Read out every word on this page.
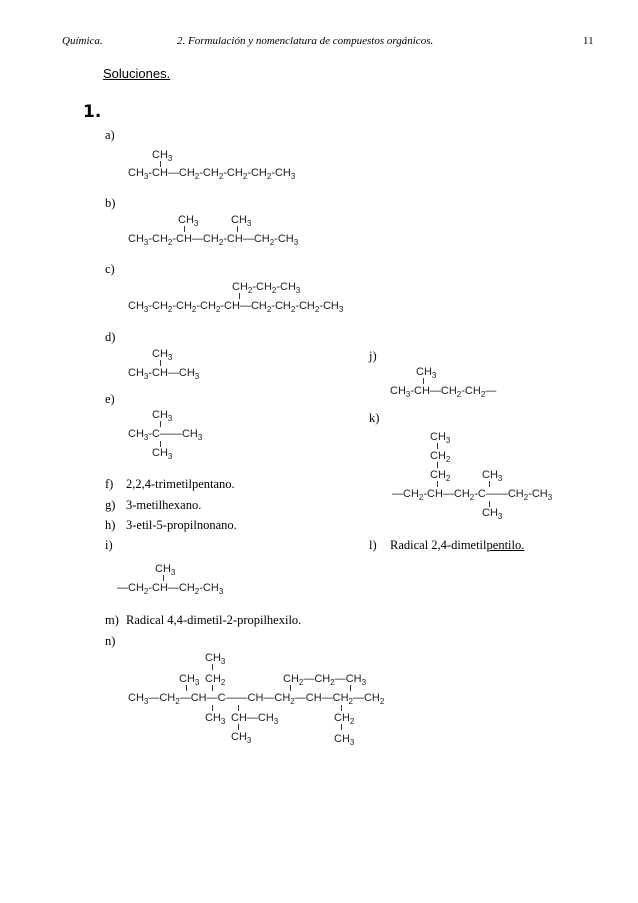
Química.	2. Formulación y nomenclatura de compuestos orgánicos.	11
Soluciones.
1.
a)
$CH_3$
$CH_3-CH—CH_2-CH_2-CH_2-CH_2-CH_3$
b)
$CH_3$	$CH_3$
$CH_3-CH_2-CH—CH_2-CH—CH_2-CH_3$
c)
$CH_2-CH_2-CH_3$
$CH_3-CH_2-CH_2-CH_2-CH—CH_2-CH_2-CH_2-CH_3$
d)
$CH_3$
$CH_3-CH—CH_3$
e)
$CH_3$
$CH_3-C——CH_3$
$CH_3$
f) 2,2,4-trimetilpentano.
g) 3-metilhexano.
h) 3-etil-5-propilnonano.
i)
$CH_3$
$—CH_2-CH—CH_2-CH_3$
m) Radical 4,4-dimetil-2-propilhexilo.
n)
$CH_3$
$CH_3$ $CH_2$	$CH_2—CH_2—CH_3$
$CH_3—CH_2—CH—C——CH—CH_2—CH—CH_2—CH_2$
$CH_3$ $CH—CH_3$	$CH_2$
$CH_3$	$CH_3$
j)
$CH_3$
$CH_3-CH—CH_2-CH_2—$
k)
$CH_3$
$CH_2$
$CH_2$	$CH_3$
$—CH_2-CH—CH_2-C——CH_2-CH_3$
$CH_3$
l) Radical 2,4-dimetilpentilo.
